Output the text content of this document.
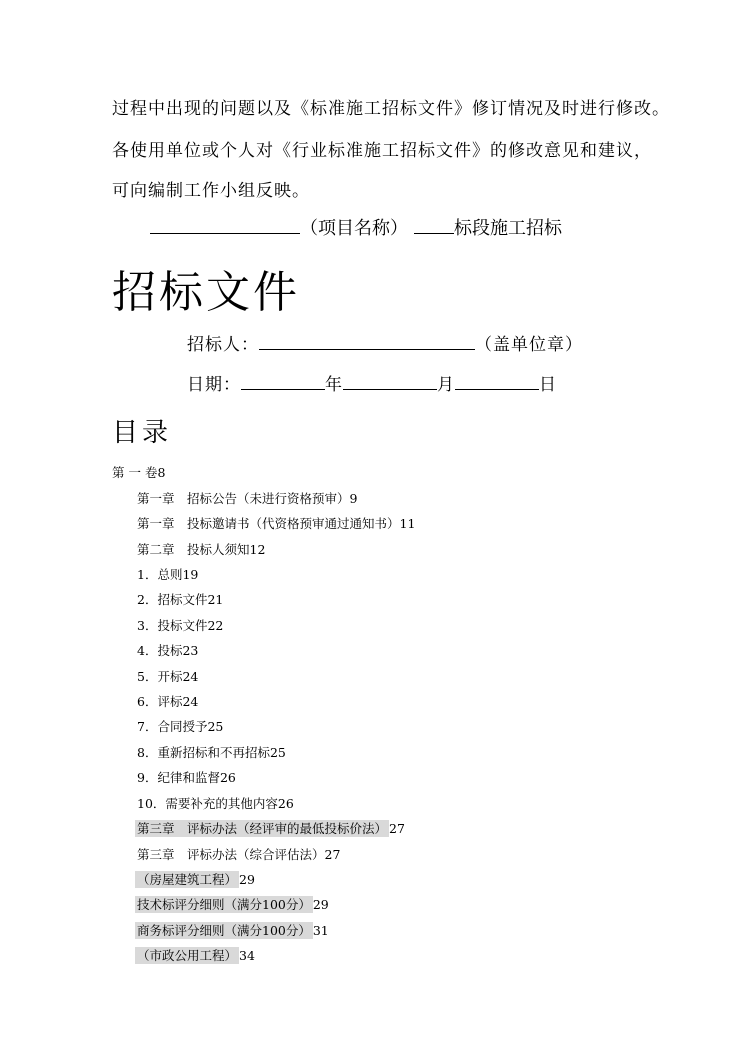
过程中出现的问题以及《标准施工招标文件》修订情况及时进行修改。
各使用单位或个人对《行业标准施工招标文件》的修改意见和建议，
可向编制工作小组反映。
（项目名称）	标段施工招标
招标文件
招标人：	（盖单位章）
日期：	年	月	日
目录
第 一 卷8
第一章　招标公告（未进行资格预审）9
第一章　投标邀请书（代资格预审通过通知书）11
第二章　投标人须知12
1．总则19
2．招标文件21
3．投标文件22
4．投标23
5．开标24
6．评标24
7．合同授予25
8．重新招标和不再招标25
9．纪律和监督26
10．需要补充的其他内容26
第三章　评标办法（经评审的最低投标价法） 27
第三章　评标办法（综合评估法）27
（房屋建筑工程） 29
技术标评分细则（满分100分） 29
商务标评分细则（满分100分） 31
（市政公用工程） 34
